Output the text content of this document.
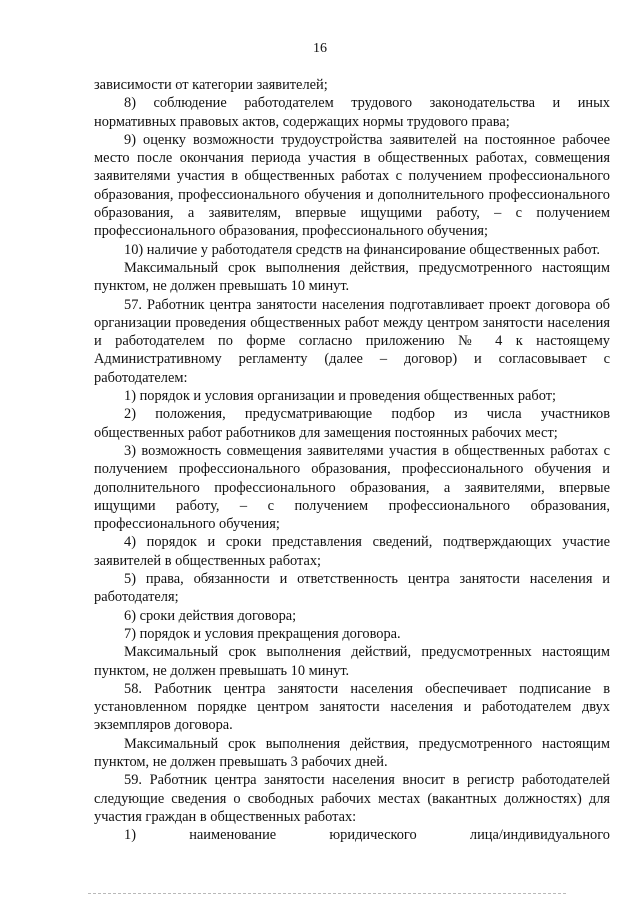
16

зависимости от категории заявителей;

8) соблюдение работодателем трудового законодательства и иных нормативных правовых актов, содержащих нормы трудового права;

9) оценку возможности трудоустройства заявителей на постоянное рабочее место после окончания периода участия в общественных работах, совмещения заявителями участия в общественных работах с получением профессионального образования, профессионального обучения и дополнительного профессионального образования, а заявителям, впервые ищущими работу, – с получением профессионального образования, профессионального обучения;

10) наличие у работодателя средств на финансирование общественных работ.

Максимальный срок выполнения действия, предусмотренного настоящим пунктом, не должен превышать 10 минут.

57. Работник центра занятости населения подготавливает проект договора об организации проведения общественных работ между центром занятости населения и работодателем по форме согласно приложению № 4 к настоящему Административному регламенту (далее – договор) и согласовывает с работодателем:

1) порядок и условия организации и проведения общественных работ;

2) положения, предусматривающие подбор из числа участников общественных работ работников для замещения постоянных рабочих мест;

3) возможность совмещения заявителями участия в общественных работах с получением профессионального образования, профессионального обучения и дополнительного профессионального образования, а заявителями, впервые ищущими работу, – с получением профессионального образования, профессионального обучения;

4) порядок и сроки представления сведений, подтверждающих участие заявителей в общественных работах;

5) права, обязанности и ответственность центра занятости населения и работодателя;

6) сроки действия договора;

7) порядок и условия прекращения договора.

Максимальный срок выполнения действий, предусмотренных настоящим пунктом, не должен превышать 10 минут.

58. Работник центра занятости населения обеспечивает подписание в установленном порядке центром занятости населения и работодателем двух экземпляров договора.

Максимальный срок выполнения действия, предусмотренного настоящим пунктом, не должен превышать 3 рабочих дней.

59. Работник центра занятости населения вносит в регистр работодателей следующие сведения о свободных рабочих местах (вакантных должностях) для участия граждан в общественных работах:

1) наименование юридического лица/индивидуального
